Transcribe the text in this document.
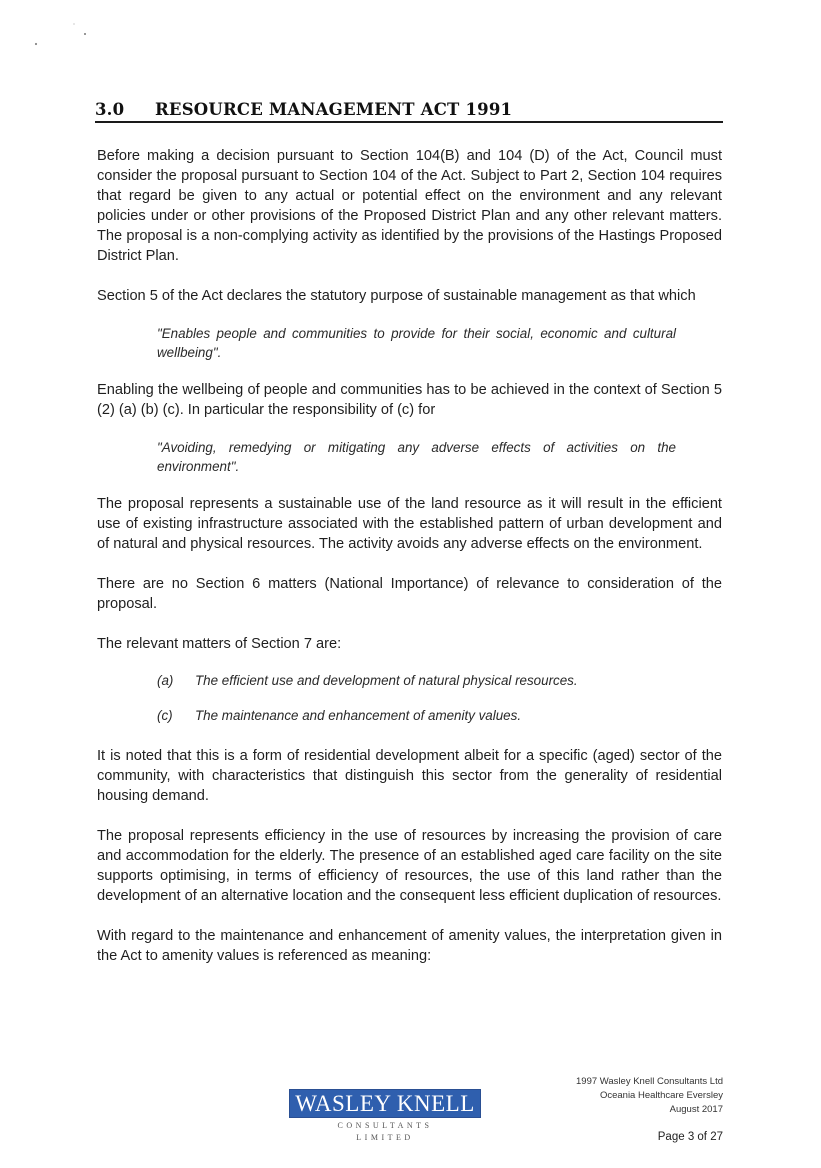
3.0 RESOURCE MANAGEMENT ACT 1991

Before making a decision pursuant to Section 104(B) and 104 (D) of the Act, Council must consider the proposal pursuant to Section 104 of the Act. Subject to Part 2, Section 104 requires that regard be given to any actual or potential effect on the environment and any relevant policies under or other provisions of the Proposed District Plan and any other relevant matters. The proposal is a non-complying activity as identified by the provisions of the Hastings Proposed District Plan.

Section 5 of the Act declares the statutory purpose of sustainable management as that which

"Enables people and communities to provide for their social, economic and cultural wellbeing".

Enabling the wellbeing of people and communities has to be achieved in the context of Section 5 (2) (a) (b) (c). In particular the responsibility of (c) for

"Avoiding, remedying or mitigating any adverse effects of activities on the environment".

The proposal represents a sustainable use of the land resource as it will result in the efficient use of existing infrastructure associated with the established pattern of urban development and of natural and physical resources. The activity avoids any adverse effects on the environment.

There are no Section 6 matters (National Importance) of relevance to consideration of the proposal.

The relevant matters of Section 7 are:

(a) The efficient use and development of natural physical resources.
(c) The maintenance and enhancement of amenity values.

It is noted that this is a form of residential development albeit for a specific (aged) sector of the community, with characteristics that distinguish this sector from the generality of residential housing demand.

The proposal represents efficiency in the use of resources by increasing the provision of care and accommodation for the elderly. The presence of an established aged care facility on the site supports optimising, in terms of efficiency of resources, the use of this land rather than the development of an alternative location and the consequent less efficient duplication of resources.

With regard to the maintenance and enhancement of amenity values, the interpretation given in the Act to amenity values is referenced as meaning:

WASLEY KNELL
CONSULTANTS
LIMITED
1997 Wasley Knell Consultants Ltd
Oceania Healthcare Eversley
August 2017
Page 3 of 27
